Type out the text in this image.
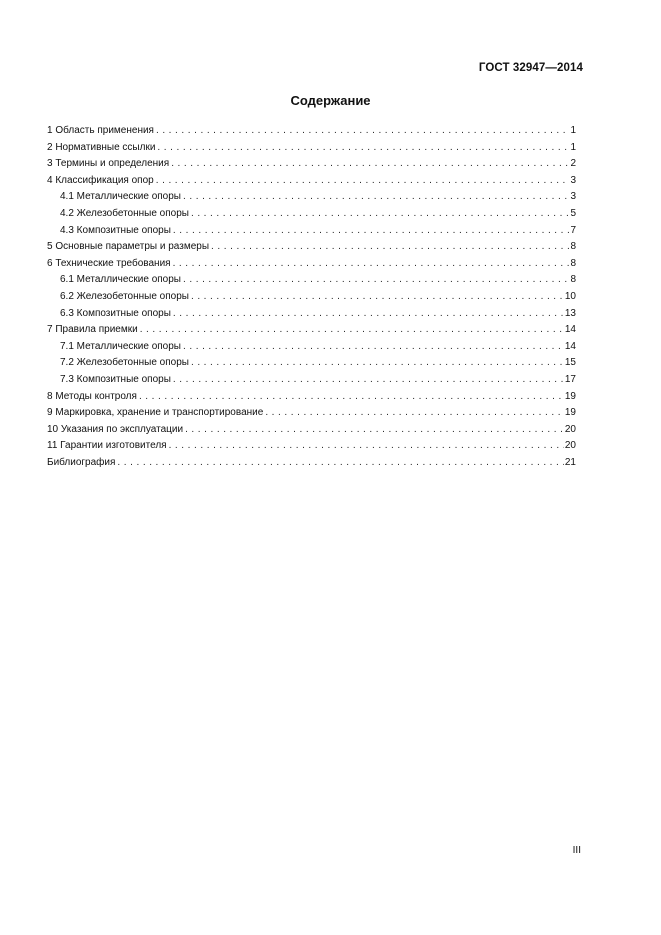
ГОСТ 32947—2014
Содержание
1 Область применения . . .	1
2 Нормативные ссылки . . .	1
3 Термины и определения . . .	2
4 Классификация опор . . .	3
4.1 Металлические опоры . . .	3
4.2 Железобетонные опоры . . .	5
4.3 Композитные опоры . . .	7
5 Основные параметры и размеры . . .	8
6 Технические требования . . .	8
6.1 Металлические опоры . . .	8
6.2 Железобетонные опоры . . .	10
6.3 Композитные опоры . . .	13
7 Правила приемки . . .	14
7.1 Металлические опоры . . .	14
7.2 Железобетонные опоры . . .	15
7.3 Композитные опоры . . .	17
8 Методы контроля . . .	19
9 Маркировка, хранение и транспортирование . . .	19
10 Указания по эксплуатации . . .	20
11 Гарантии изготовителя . . .	20
Библиография . . .	21
III
